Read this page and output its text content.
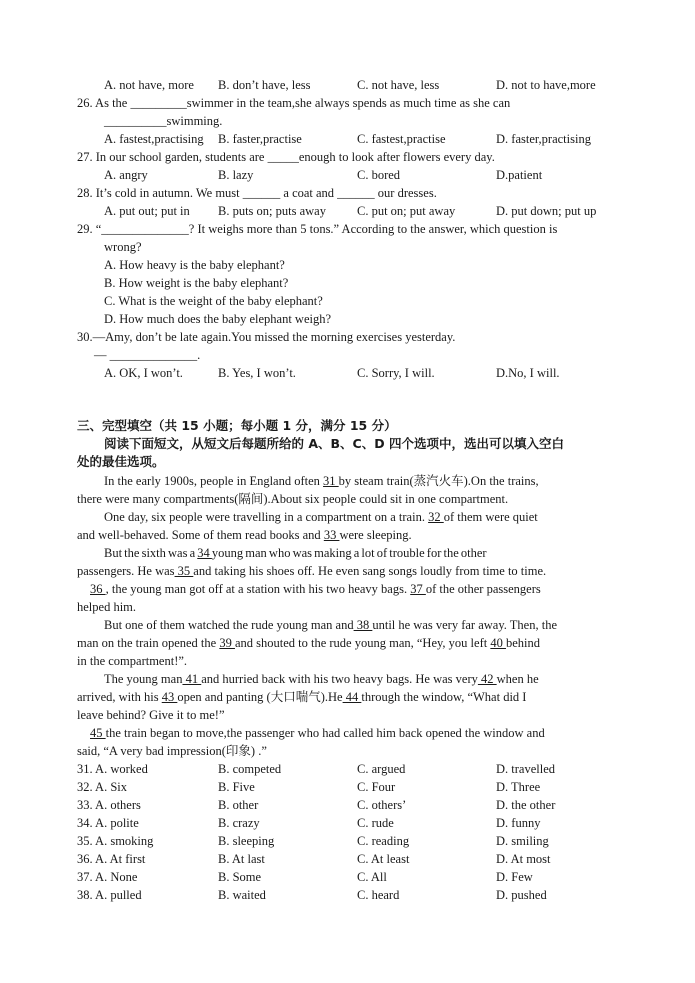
A. not have, more B. don’t have, less	C. not have, less	D. not to have,more
26. As the _________swimmer in the team,she always spends as much time as she can
__________swimming.
A. fastest,practising B. faster,practise	C. fastest,practise	D. faster,practising
27. In our school garden, students are _____enough to look after flowers every day.
A. angry	B. lazy	C. bored	D.patient
28. It’s cold in autumn. We must ______ a coat and ______ our dresses.
A. put out; put in B. puts on; puts away C. put on; put away	D. put down; put up
29. “______________? It weighs more than 5 tons.” According to the answer, which question is
wrong?
A. How heavy is the baby elephant?
B. How weight is the baby elephant?
C. What is the weight of the baby elephant?
D. How much does the baby elephant weigh?
30.—Amy, don’t be late again.You missed the morning exercises yesterday.
— ______________.
A. OK, I won’t.	B. Yes, I won’t.	C. Sorry, I will.	D.No, I will.
三、完型填空（共 15 小题；每小题 1 分，满分 15 分）
阅读下面短文，从短文后每题所给的 A、B、C、D 四个选项中，选出可以填入空白
处的最佳选项。
In the early 1900s, people in England often 31 by steam train(蒸汽火车).On the trains,
there were many compartments(隔间).About six people could sit in one compartment.
One day, six people were travelling in a compartment on a train. 32 of them were quiet
and well-behaved. Some of them read books and 33 were sleeping.
But the sixth was a 34 young man who was making a lot of trouble for the other
passengers. He was 35 and taking his shoes off. He even sang songs loudly from time to time.
36 , the young man got off at a station with his two heavy bags. 37 of the other passengers
helped him.
But one of them watched the rude young man and 38 until he was very far away. Then, the
man on the train opened the 39 and shouted to the rude young man, “Hey, you left 40 behind
in the compartment!”.
The young man 41 and hurried back with his two heavy bags. He was very 42 when he
arrived, with his 43 open and panting (大口喘气).He 44 through the window, “What did I
leave behind? Give it to me!”
45 the train began to move,the passenger who had called him back opened the window and
said, “A very bad impression(印象) .”
31. A. worked	B. competed	C. argued	D. travelled
32. A. Six	B. Five	C. Four	D. Three
33. A. others	B. other	C. others’	D. the other
34. A. polite	B. crazy	C. rude	D. funny
35. A. smoking	B. sleeping	C. reading	D. smiling
36. A. At first	B. At last	C. At least	D. At most
37. A. None	B. Some	C. All	D. Few
38. A. pulled	B. waited	C. heard	D. pushed
